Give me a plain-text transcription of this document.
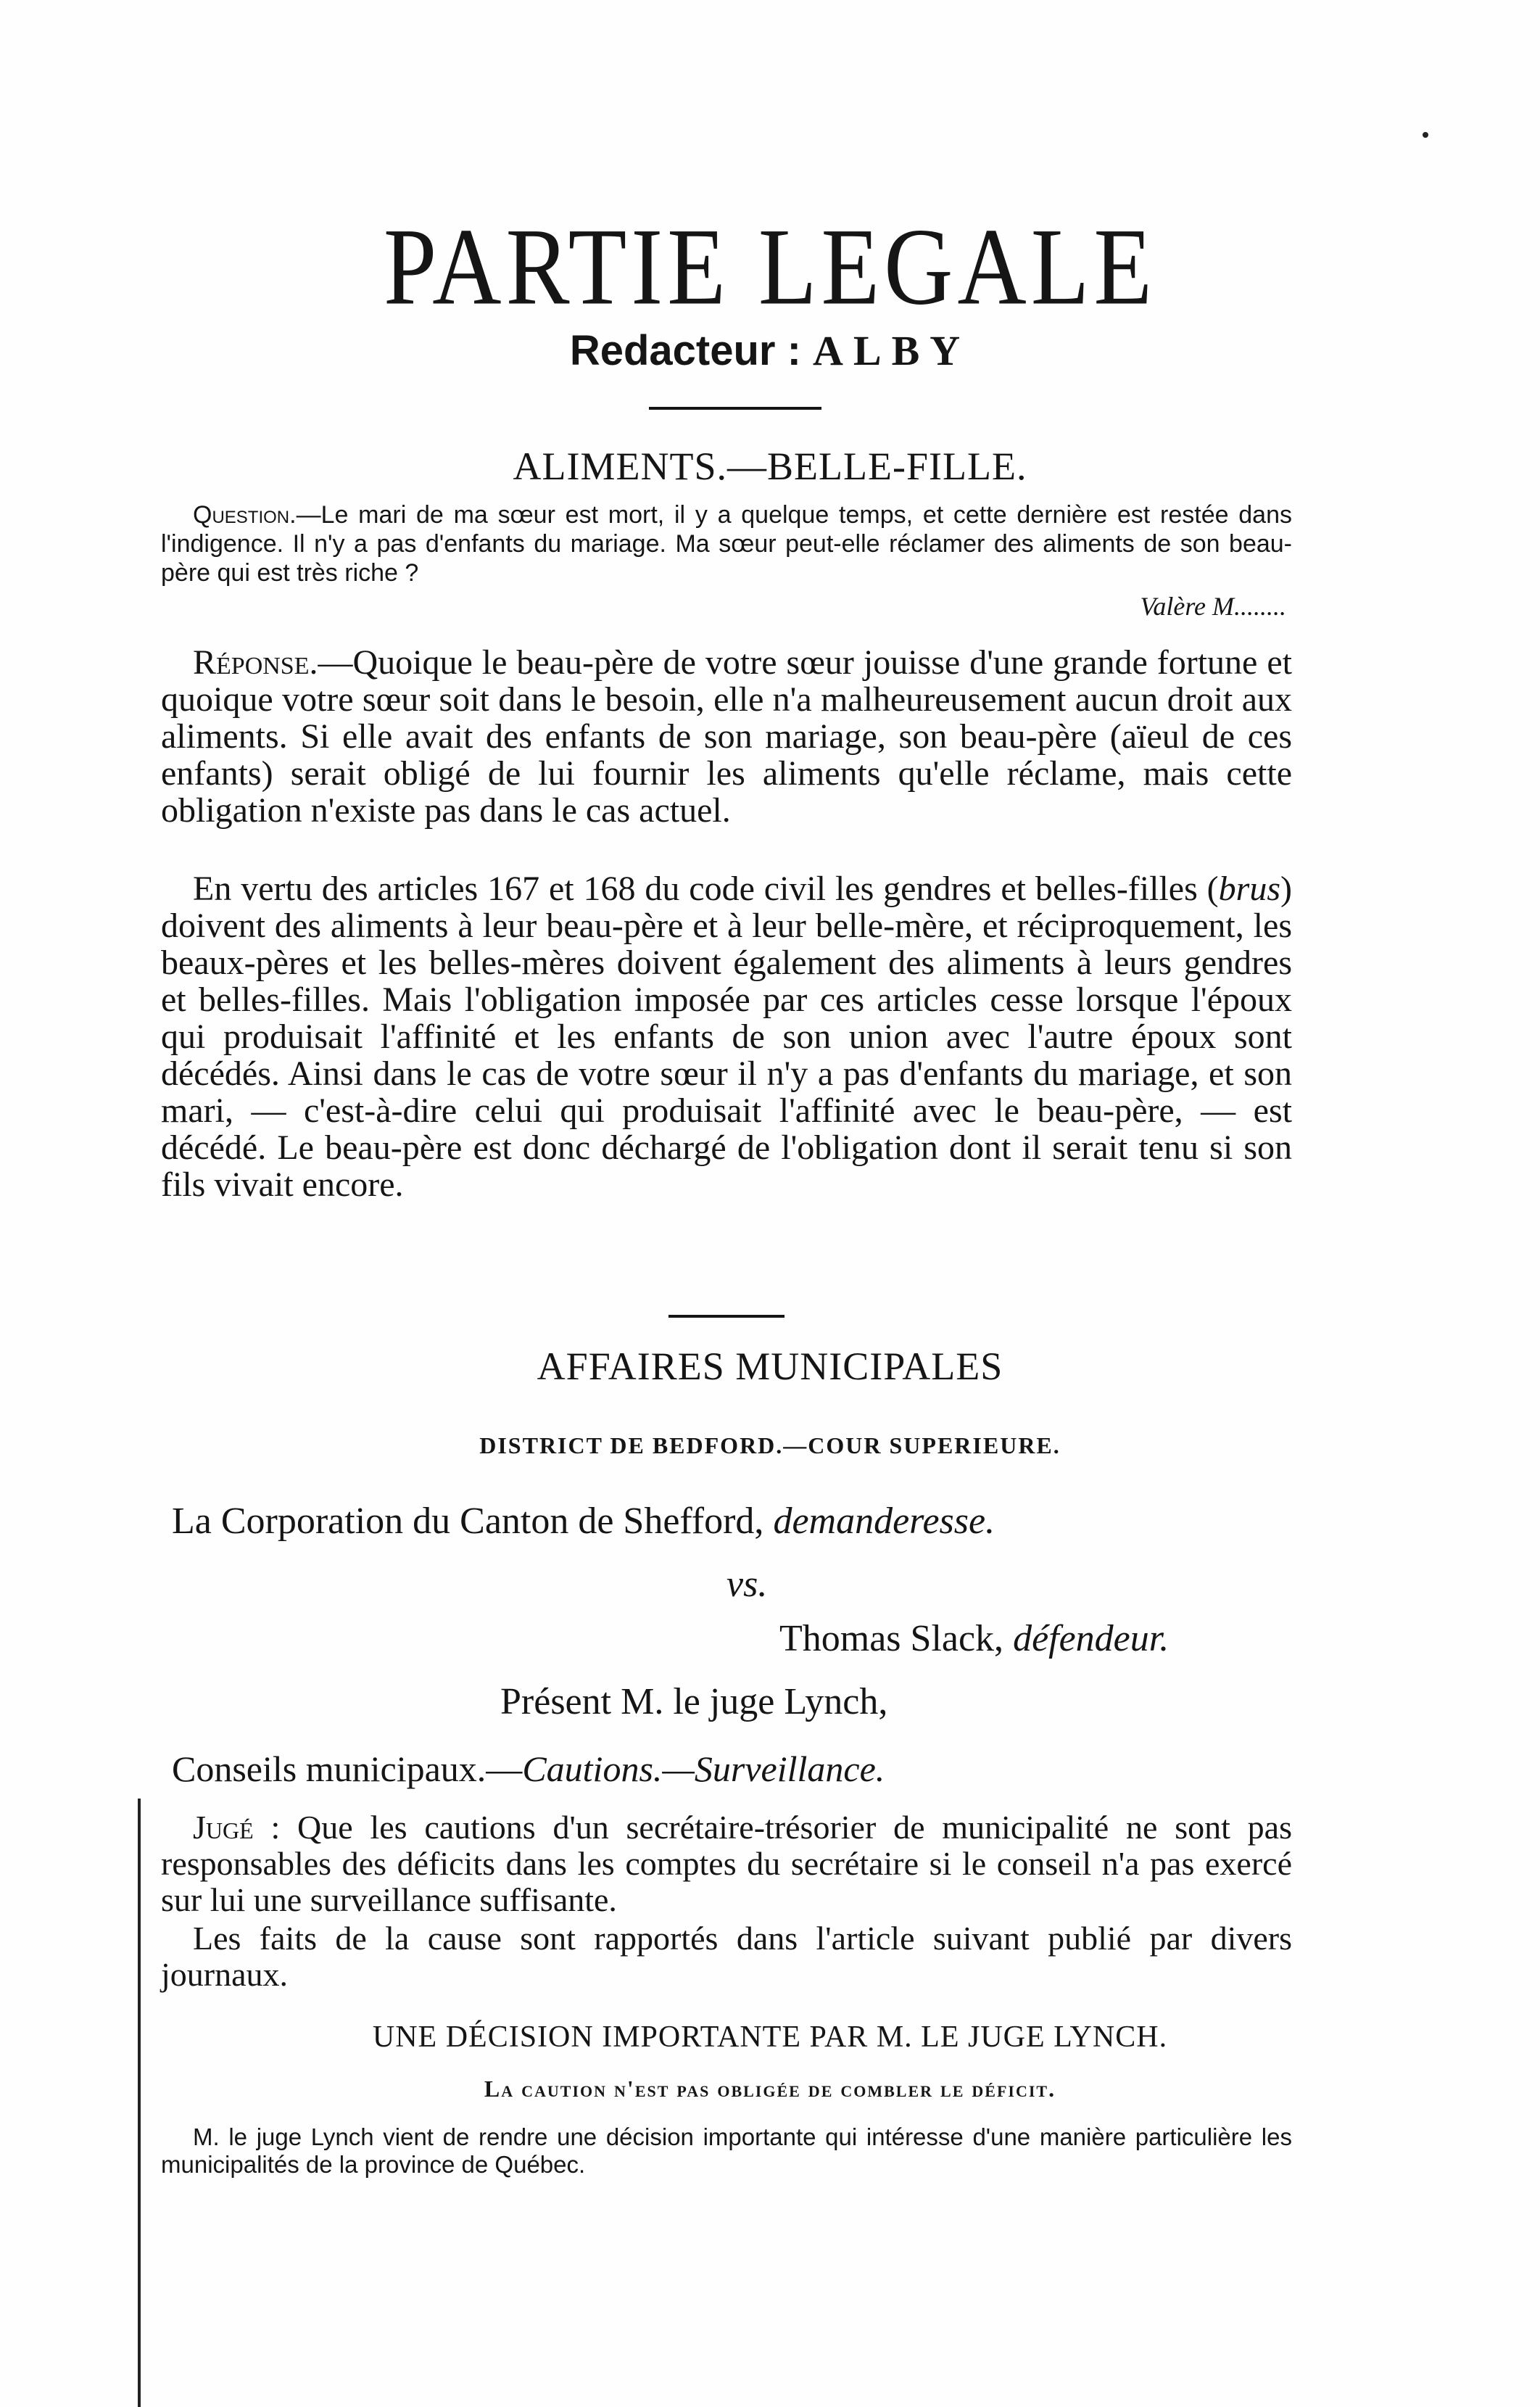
PARTIE LEGALE
Redacteur : ALBY
ALIMENTS.—BELLE-FILLE.
Question.—Le mari de ma sœur est mort, il y a quelque temps, et cette dernière est restée dans l'indigence. Il n'y a pas d'enfants du mariage. Ma sœur peut-elle réclamer des aliments de son beau-père qui est très riche ?
Valère M........
Réponse.—Quoique le beau-père de votre sœur jouisse d'une grande fortune et quoique votre sœur soit dans le besoin, elle n'a malheureusement aucun droit aux aliments. Si elle avait des enfants de son mariage, son beau-père (aïeul de ces enfants) serait obligé de lui fournir les aliments qu'elle réclame, mais cette obligation n'existe pas dans le cas actuel.
En vertu des articles 167 et 168 du code civil les gendres et belles-filles (brus) doivent des aliments à leur beau-père et à leur belle-mère, et réciproquement, les beaux-pères et les belles-mères doivent également des aliments à leurs gendres et belles-filles. Mais l'obligation imposée par ces articles cesse lorsque l'époux qui produisait l'affinité et les enfants de son union avec l'autre époux sont décédés. Ainsi dans le cas de votre sœur il n'y a pas d'enfants du mariage, et son mari, — c'est-à-dire celui qui produisait l'affinité avec le beau-père, — est décédé. Le beau-père est donc déchargé de l'obligation dont il serait tenu si son fils vivait encore.
AFFAIRES MUNICIPALES
DISTRICT DE BEDFORD.—COUR SUPERIEURE.
La Corporation du Canton de Shefford, demanderesse.
vs.
Thomas Slack, défendeur.
Présent M. le juge Lynch,
Conseils municipaux.—Cautions.—Surveillance.
Jugé : Que les cautions d'un secrétaire-trésorier de municipalité ne sont pas responsables des déficits dans les comptes du secrétaire si le conseil n'a pas exercé sur lui une surveillance suffisante.
Les faits de la cause sont rapportés dans l'article suivant publié par divers journaux.
UNE DÉCISION IMPORTANTE PAR M. LE JUGE LYNCH.
La caution n'est pas obligée de combler le déficit.
M. le juge Lynch vient de rendre une décision importante qui intéresse d'une manière particulière les municipalités de la province de Québec.
